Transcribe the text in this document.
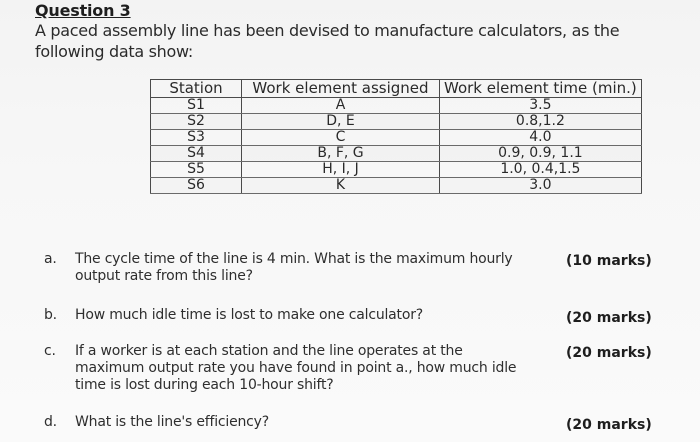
Question 3
A paced assembly line has been devised to manufacture calculators, as the
following data show:
Station	Work element assigned	Work element time (min.)
S1	A	3.5
S2	D, E	0.8,1.2
S3	C	4.0
S4	B, F, G	0.9, 0.9, 1.1
S5	H, I, J	1.0, 0.4,1.5
S6	K	3.0
a. The cycle time of the line is 4 min. What is the maximum hourly
output rate from this line?
(10 marks)
b. How much idle time is lost to make one calculator?	(20 marks)
c. If a worker is at each station and the line operates at the
maximum output rate you have found in point a., how much idle
time is lost during each 10-hour shift?
(20 marks)
d. What is the line's efficiency?	(20 marks)
